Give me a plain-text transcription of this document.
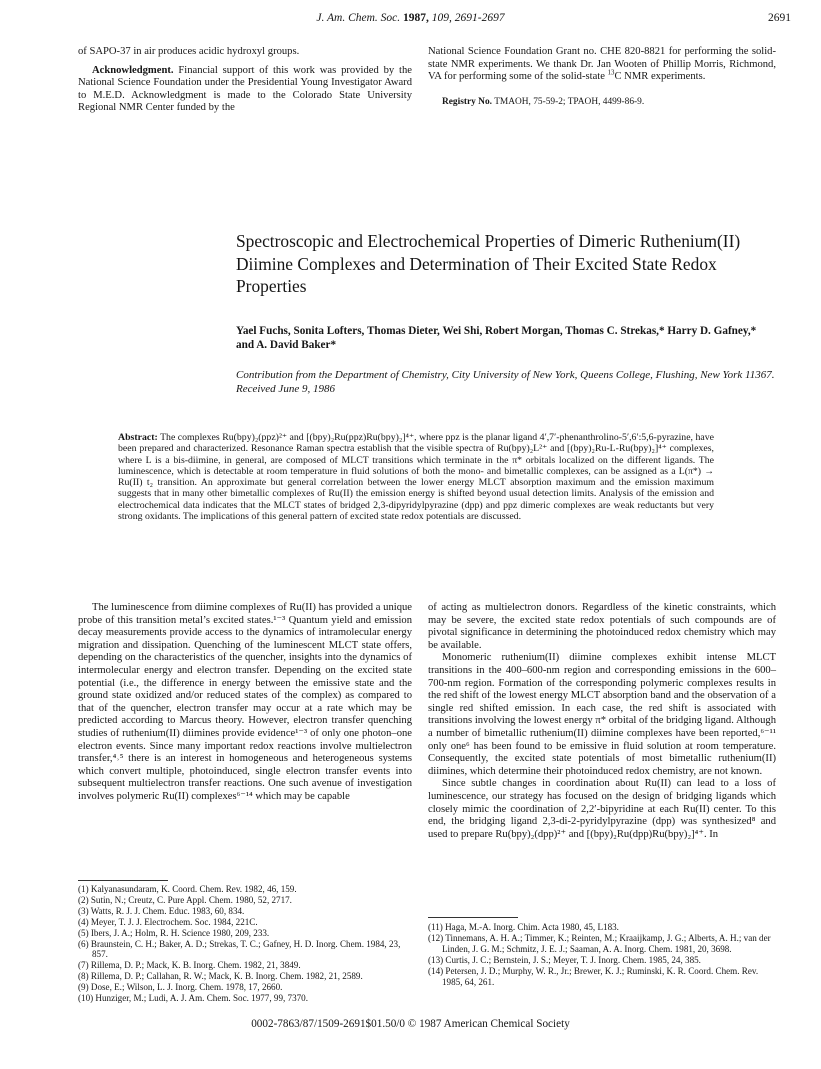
J. Am. Chem. Soc. 1987, 109, 2691-2697	2691

of SAPO-37 in air produces acidic hydroxyl groups.

Acknowledgment. Financial support of this work was provided by the National Science Foundation under the Presidential Young Investigator Award to M.E.D. Acknowledgment is made to the Colorado State University Regional NMR Center funded by the

National Science Foundation Grant no. CHE 820-8821 for performing the solid-state NMR experiments. We thank Dr. Jan Wooten of Phillip Morris, Richmond, VA for performing some of the solid-state $^{13}$C NMR experiments.

Registry No. TMAOH, 75-59-2; TPAOH, 4499-86-9.

Spectroscopic and Electrochemical Properties of Dimeric Ruthenium(II) Diimine Complexes and Determination of Their Excited State Redox Properties
Yael Fuchs, Sonita Lofters, Thomas Dieter, Wei Shi, Robert Morgan, Thomas C. Strekas,* Harry D. Gafney,* and A. David Baker*
Contribution from the Department of Chemistry, City University of New York, Queens College, Flushing, New York 11367. Received June 9, 1986
Abstract: The complexes Ru(bpy)₂(ppz)²⁺ and [(bpy)₂Ru(ppz)Ru(bpy)₂]⁴⁺, where ppz is the planar ligand 4′,7′-phenanthrolino-5′,6′:5,6-pyrazine, have been prepared and characterized. Resonance Raman spectra establish that the visible spectra of Ru(bpy)₂L²⁺ and [(bpy)₂Ru-L-Ru(bpy)₂]⁴⁺ complexes, where L is a bis-diimine, in general, are composed of MLCT transitions which terminate in the π* orbitals localized on the different ligands. The luminescence, which is detectable at room temperature in fluid solutions of both the mono- and bimetallic complexes, can be assigned as a L(π*) → Ru(II) t₂ transition. An approximate but general correlation between the lower energy MLCT absorption maximum and the emission maximum suggests that in many other bimetallic complexes of Ru(II) the emission energy is shifted beyond usual detection limits. Analysis of the emission and electrochemical data indicates that the MLCT states of bridged 2,3-dipyridylpyrazine (dpp) and ppz dimeric complexes are weak reductants but very strong oxidants. The implications of this general pattern of excited state redox potentials are discussed.

The luminescence from diimine complexes of Ru(II) has provided a unique probe of this transition metal’s excited states.¹⁻³ Quantum yield and emission decay measurements provide access to the dynamics of intramolecular energy migration and dissipation. Quenching of the luminescent MLCT state offers, depending on the characteristics of the quencher, insights into the dynamics of intermolecular energy and electron transfer. Depending on the excited state potential (i.e., the difference in energy between the emissive state and the ground state oxidized and/or reduced states of the complex) as compared to that of the quencher, electron transfer may occur at a rate which may be predicted according to Marcus theory. However, electron transfer quenching studies of ruthenium(II) diimines provide evidence¹⁻³ of only one photon–one electron events. Since many important redox reactions involve multielectron transfer,⁴˒⁵ there is an interest in homogeneous and heterogeneous systems which convert multiple, photoinduced, single electron transfer events into subsequent multielectron transfer reactions. One such avenue of investigation involves polymeric Ru(II) complexes⁶⁻¹⁴ which may be capable

of acting as multielectron donors. Regardless of the kinetic constraints, which may be severe, the excited state redox potentials of such compounds are of pivotal significance in determining the photoinduced redox chemistry which may be available.

Monomeric ruthenium(II) diimine complexes exhibit intense MLCT transitions in the 400–600-nm region and corresponding emissions in the 600–700-nm region. Formation of the corresponding polymeric complexes results in the red shift of the lowest energy MLCT absorption band and the observation of a single red shifted emission. In each case, the red shift is associated with transitions involving the lowest energy π* orbital of the bridging ligand. Although a number of bimetallic ruthenium(II) diimine complexes have been reported,⁶⁻¹¹ only one⁶ has been found to be emissive in fluid solution at room temperature. Consequently, the excited state potentials of most bimetallic ruthenium(II) diimines, which determine their photoinduced redox chemistry, are not known.

Since subtle changes in coordination about Ru(II) can lead to a loss of luminescence, our strategy has focused on the design of bridging ligands which closely mimic the coordination of 2,2′-bipyridine at each Ru(II) center. To this end, the bridging ligand 2,3-di-2-pyridylpyrazine (dpp) was synthesized⁸ and used to prepare Ru(bpy)₂(dpp)²⁺ and [(bpy)₂Ru(dpp)Ru(bpy)₂]⁴⁺. In

(1) Kalyanasundaram, K. Coord. Chem. Rev. 1982, 46, 159.
(2) Sutin, N.; Creutz, C. Pure Appl. Chem. 1980, 52, 2717.
(3) Watts, R. J. J. Chem. Educ. 1983, 60, 834.
(4) Meyer, T. J. J. Electrochem. Soc. 1984, 221C.
(5) Ibers, J. A.; Holm, R. H. Science 1980, 209, 233.
(6) Braunstein, C. H.; Baker, A. D.; Strekas, T. C.; Gafney, H. D. Inorg. Chem. 1984, 23, 857.
(7) Rillema, D. P.; Mack, K. B. Inorg. Chem. 1982, 21, 3849.
(8) Rillema, D. P.; Callahan, R. W.; Mack, K. B. Inorg. Chem. 1982, 21, 2589.
(9) Dose, E.; Wilson, L. J. Inorg. Chem. 1978, 17, 2660.
(10) Hunziger, M.; Ludi, A. J. Am. Chem. Soc. 1977, 99, 7370.
(11) Haga, M.-A. Inorg. Chim. Acta 1980, 45, L183.
(12) Tinnemans, A. H. A.; Timmer, K.; Reinten, M.; Kraaijkamp, J. G.; Alberts, A. H.; van der Linden, J. G. M.; Schmitz, J. E. J.; Saaman, A. A. Inorg. Chem. 1981, 20, 3698.
(13) Curtis, J. C.; Bernstein, J. S.; Meyer, T. J. Inorg. Chem. 1985, 24, 385.
(14) Petersen, J. D.; Murphy, W. R., Jr.; Brewer, K. J.; Ruminski, K. R. Coord. Chem. Rev. 1985, 64, 261.
0002-7863/87/1509-2691$01.50/0 © 1987 American Chemical Society
